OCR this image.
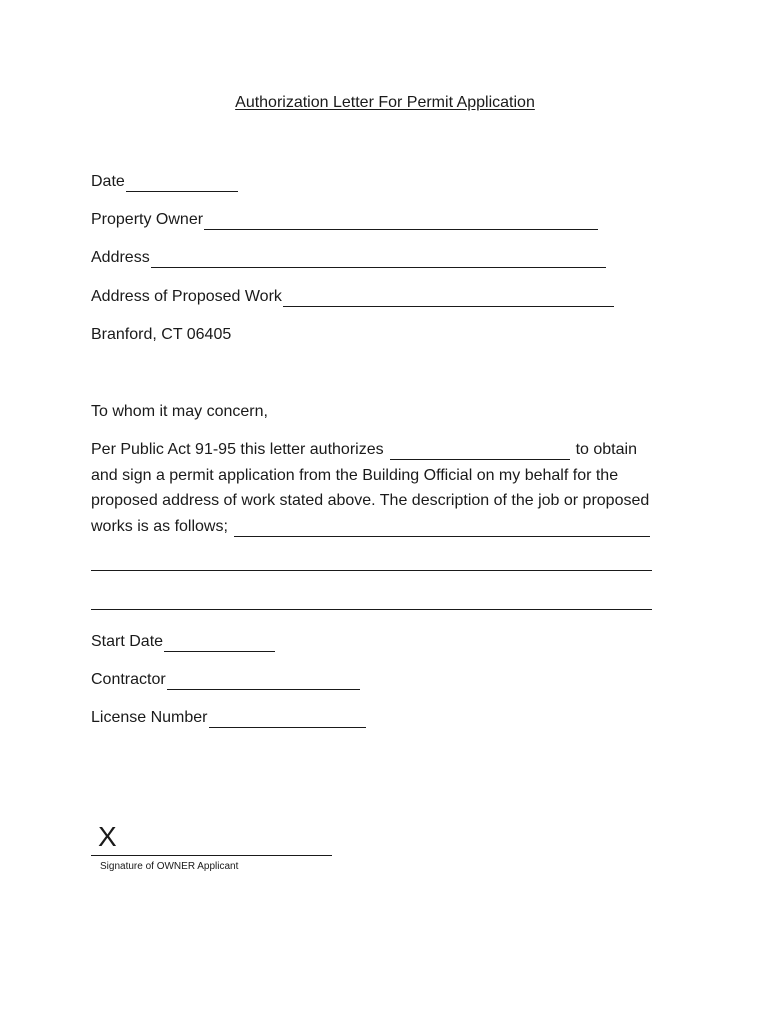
Authorization Letter For Permit Application
Date
Property Owner
Address
Address of Proposed Work
Branford, CT 06405
To whom it may concern,
Per Public Act 91-95 this letter authorizes	to obtain
and sign a permit application from the Building Official on my behalf for the
proposed address of work stated above. The description of the job or proposed
works is as follows;
Start Date
Contractor
License Number
X
Signature of OWNER Applicant
